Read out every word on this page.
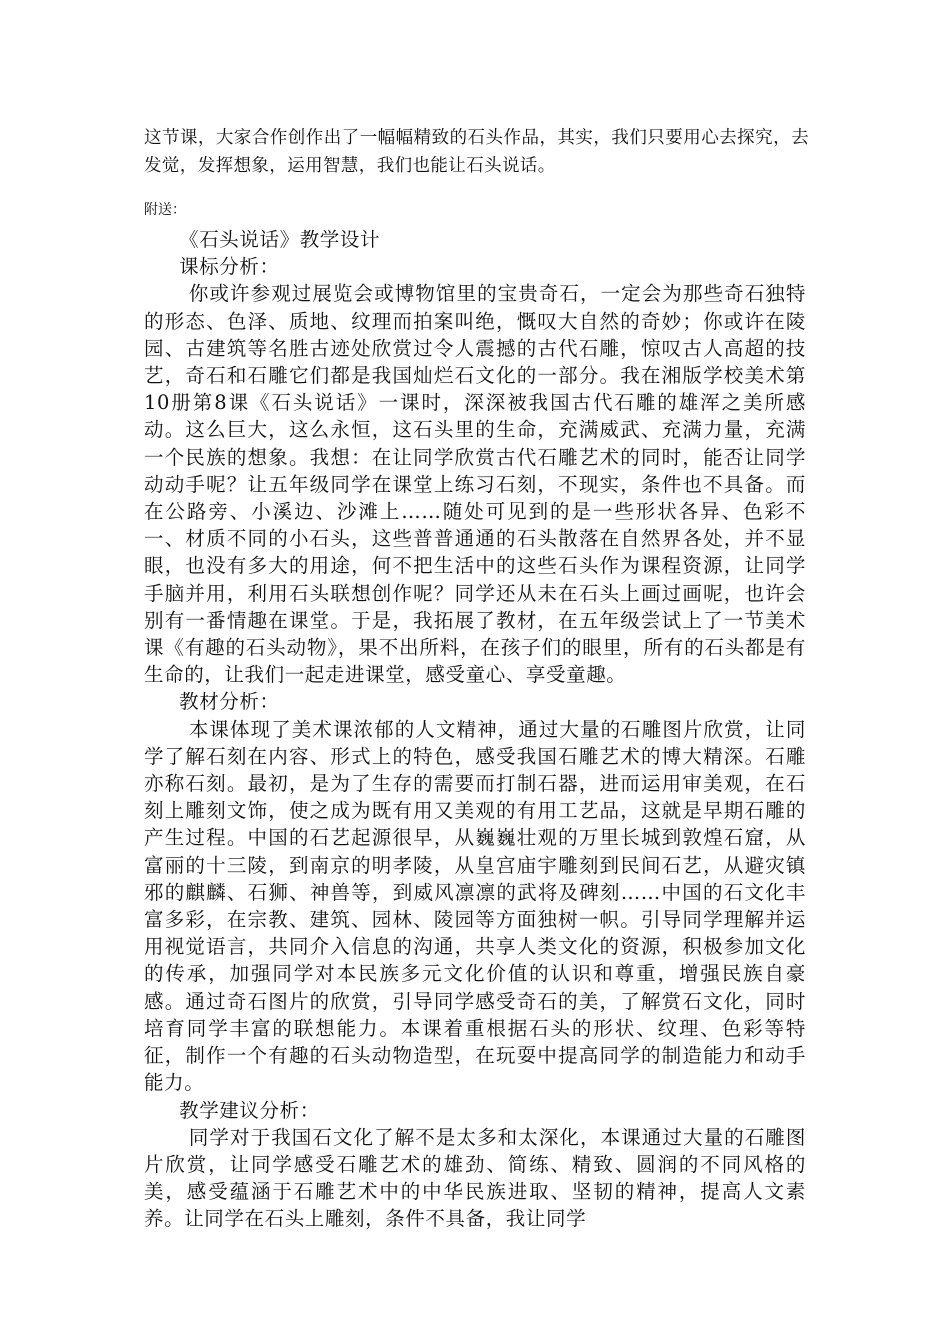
这节课，大家合作创作出了一幅幅精致的石头作品，其实，我们只要用心去探究，去发觉，发挥想象，运用智慧，我们也能让石头说话。

附送：

《石头说话》教学设计

课标分析：

你或许参观过展览会或博物馆里的宝贵奇石，一定会为那些奇石独特的形态、色泽、质地、纹理而拍案叫绝，慨叹大自然的奇妙；你或许在陵园、古建筑等名胜古迹处欣赏过令人震撼的古代石雕，惊叹古人高超的技艺，奇石和石雕它们都是我国灿烂石文化的一部分。我在湘版学校美术第10册第8课《石头说话》一课时，深深被我国古代石雕的雄浑之美所感动。这么巨大，这么永恒，这石头里的生命，充满威武、充满力量，充满一个民族的想象。我想：在让同学欣赏古代石雕艺术的同时，能否让同学动动手呢？让五年级同学在课堂上练习石刻，不现实，条件也不具备。而在公路旁、小溪边、沙滩上……随处可见到的是一些形状各异、色彩不一、材质不同的小石头，这些普普通通的石头散落在自然界各处，并不显眼，也没有多大的用途，何不把生活中的这些石头作为课程资源，让同学手脑并用，利用石头联想创作呢？同学还从未在石头上画过画呢，也许会别有一番情趣在课堂。于是，我拓展了教材，在五年级尝试上了一节美术课《有趣的石头动物》，果不出所料，在孩子们的眼里，所有的石头都是有生命的，让我们一起走进课堂，感受童心、享受童趣。

教材分析：

本课体现了美术课浓郁的人文精神，通过大量的石雕图片欣赏，让同学了解石刻在内容、形式上的特色，感受我国石雕艺术的博大精深。石雕亦称石刻。最初，是为了生存的需要而打制石器，进而运用审美观，在石刻上雕刻文饰，使之成为既有用又美观的有用工艺品，这就是早期石雕的产生过程。中国的石艺起源很早，从巍巍壮观的万里长城到敦煌石窟，从富丽的十三陵，到南京的明孝陵，从皇宫庙宇雕刻到民间石艺，从避灾镇邪的麒麟、石狮、神兽等，到威风凛凛的武将及碑刻……中国的石文化丰富多彩，在宗教、建筑、园林、陵园等方面独树一帜。引导同学理解并运用视觉语言，共同介入信息的沟通，共享人类文化的资源，积极参加文化的传承，加强同学对本民族多元文化价值的认识和尊重，增强民族自豪感。通过奇石图片的欣赏，引导同学感受奇石的美，了解赏石文化，同时培育同学丰富的联想能力。本课着重根据石头的形状、纹理、色彩等特征，制作一个有趣的石头动物造型，在玩耍中提高同学的制造能力和动手能力。

教学建议分析：

同学对于我国石文化了解不是太多和太深化，本课通过大量的石雕图片欣赏，让同学感受石雕艺术的雄劲、简练、精致、圆润的不同风格的美，感受蕴涵于石雕艺术中的中华民族进取、坚韧的精神，提高人文素养。让同学在石头上雕刻，条件不具备，我让同学
